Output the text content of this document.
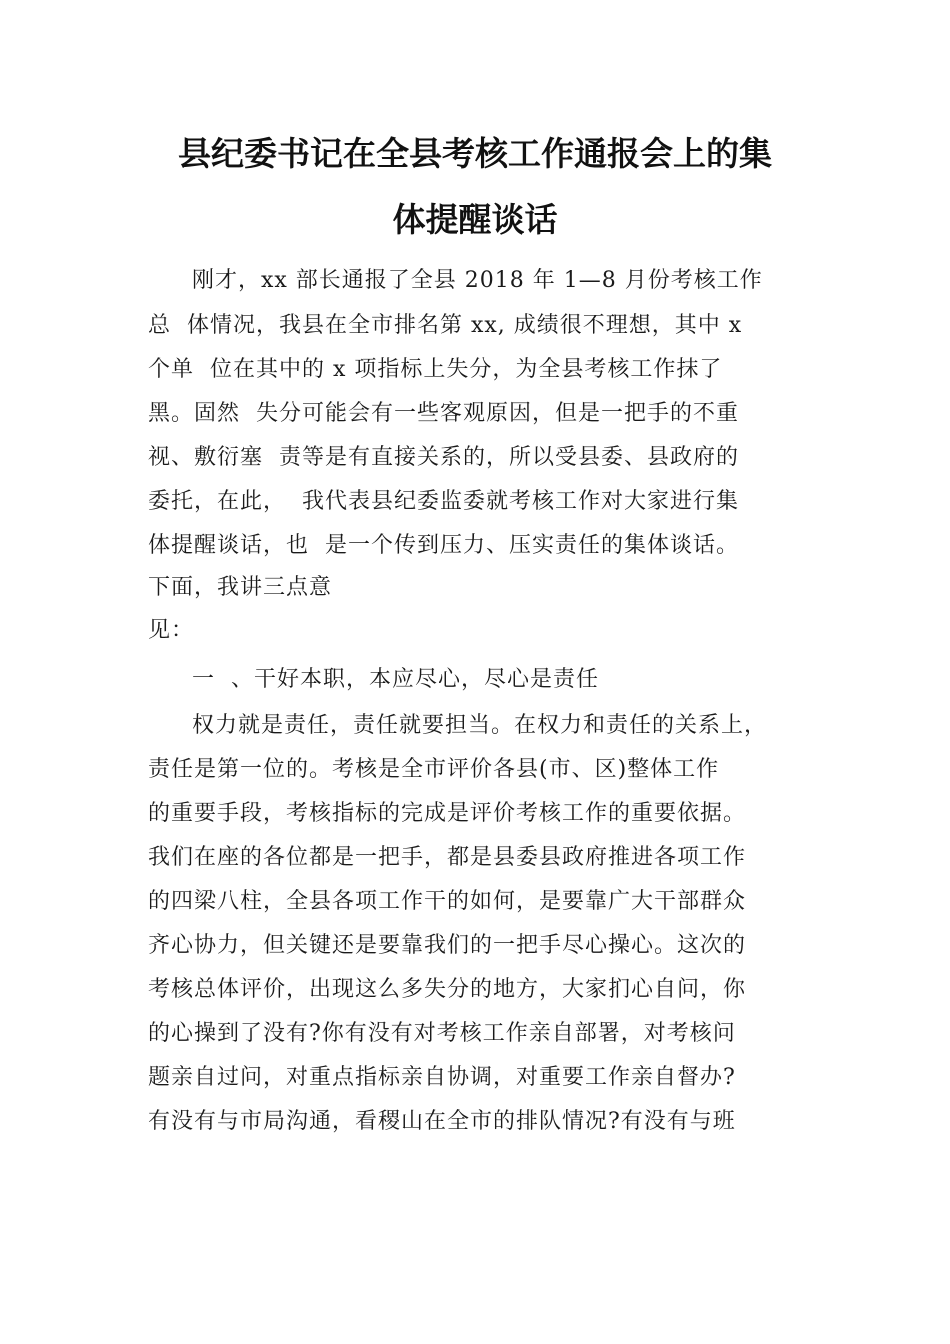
县纪委书记在全县考核工作通报会上的集
体提醒谈话
刚才，xx 部长通报了全县 2018 年 1—8 月份考核工作
总  体情况，我县在全市排名第 xx, 成绩很不理想，其中 x
个单  位在其中的 x 项指标上失分，为全县考核工作抹了
黑。固然  失分可能会有一些客观原因，但是一把手的不重
视、敷衍塞  责等是有直接关系的，所以受县委、县政府的
委托，在此，  我代表县纪委监委就考核工作对大家进行集
体提醒谈话，也  是一个传到压力、压实责任的集体谈话。
下面，我讲三点意
见：
一  、干好本职，本应尽心，尽心是责任
权力就是责任，责任就要担当。在权力和责任的关系上，
责任是第一位的。考核是全市评价各县(市、区)整体工作
的重要手段，考核指标的完成是评价考核工作的重要依据。
我们在座的各位都是一把手，都是县委县政府推进各项工作
的四梁八柱，全县各项工作干的如何，是要靠广大干部群众
齐心协力，但关键还是要靠我们的一把手尽心操心。这次的
考核总体评价，出现这么多失分的地方，大家扪心自问，你
的心操到了没有?你有没有对考核工作亲自部署，对考核问
题亲自过问，对重点指标亲自协调，对重要工作亲自督办?
有没有与市局沟通，看稷山在全市的排队情况?有没有与班
